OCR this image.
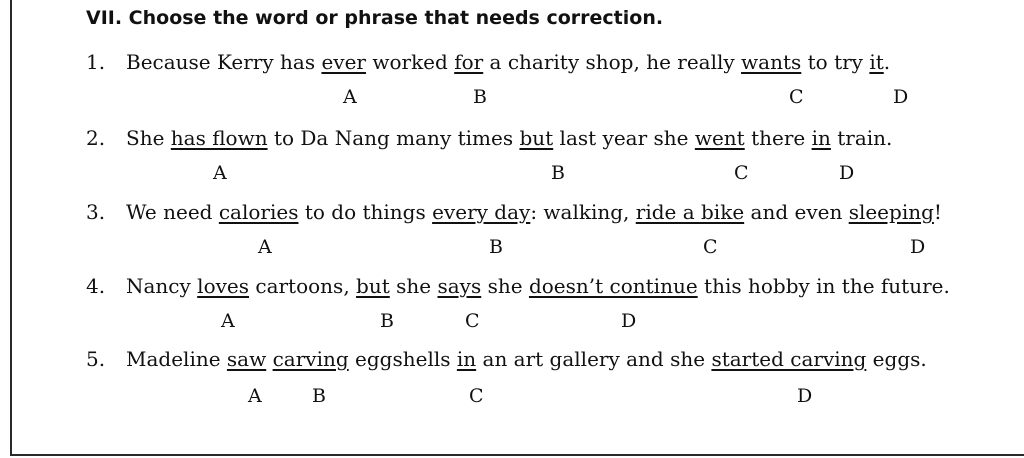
VII. Choose the word or phrase that needs correction.
1. Because Kerry has ever worked for a charity shop, he really wants to try it.
A	B	C	D
2. She has flown to Da Nang many times but last year she went there in train.
A	B	C	D
3. We need calories to do things every day: walking, ride a bike and even sleeping!
A	B	C	D
4. Nancy loves cartoons, but she says she doesn’t continue this hobby in the future.
A	B	C	D
5. Madeline saw carving eggshells in an art gallery and she started carving eggs.
A	B	C	D
